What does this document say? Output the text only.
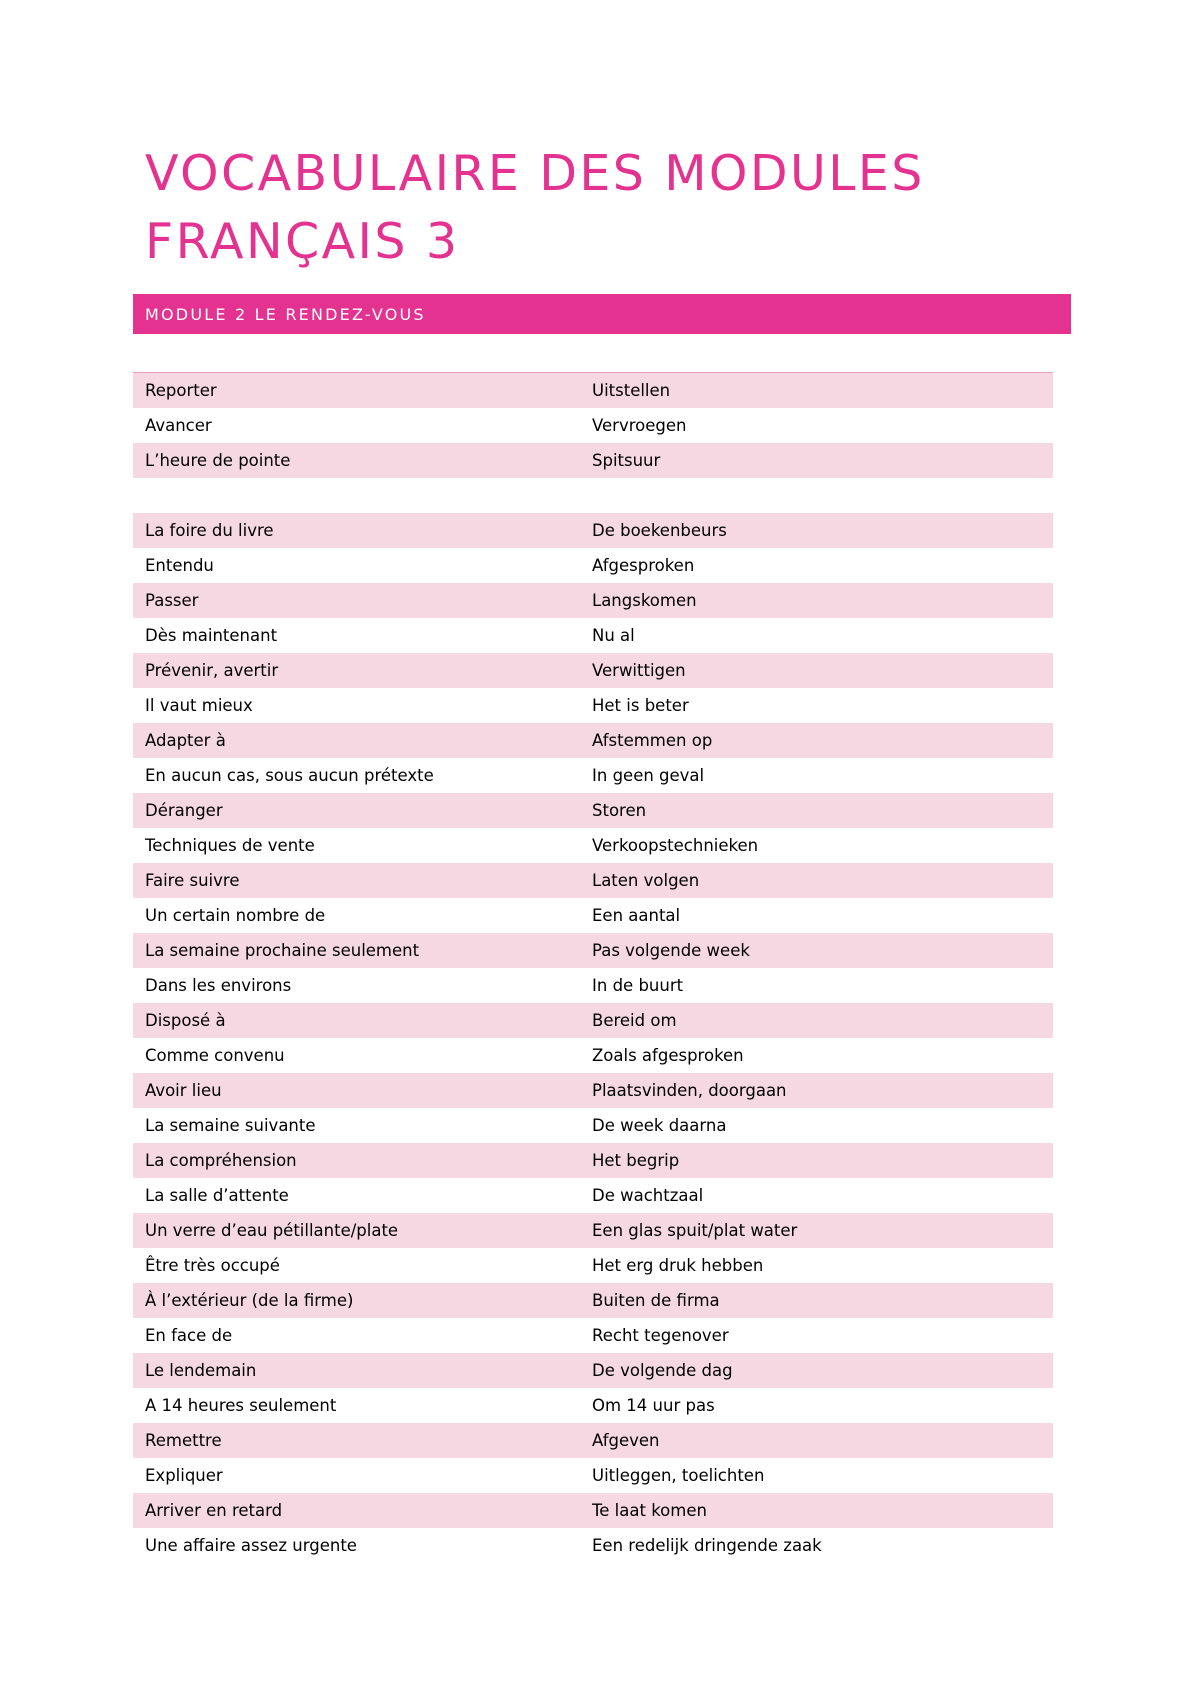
VOCABULAIRE DES MODULES
FRANÇAIS 3
MODULE 2 LE RENDEZ-VOUS
Reporter	Uitstellen
Avancer	Vervroegen
L’heure de pointe	Spitsuur
La foire du livre	De boekenbeurs
Entendu	Afgesproken
Passer	Langskomen
Dès maintenant	Nu al
Prévenir, avertir	Verwittigen
Il vaut mieux	Het is beter
Adapter à	Afstemmen op
En aucun cas, sous aucun prétexte	In geen geval
Déranger	Storen
Techniques de vente	Verkoopstechnieken
Faire suivre	Laten volgen
Un certain nombre de	Een aantal
La semaine prochaine seulement	Pas volgende week
Dans les environs	In de buurt
Disposé à	Bereid om
Comme convenu	Zoals afgesproken
Avoir lieu	Plaatsvinden, doorgaan
La semaine suivante	De week daarna
La compréhension	Het begrip
La salle d’attente	De wachtzaal
Un verre d’eau pétillante/plate	Een glas spuit/plat water
Être très occupé	Het erg druk hebben
À l’extérieur (de la firme)	Buiten de firma
En face de	Recht tegenover
Le lendemain	De volgende dag
A 14 heures seulement	Om 14 uur pas
Remettre	Afgeven
Expliquer	Uitleggen, toelichten
Arriver en retard	Te laat komen
Une affaire assez urgente	Een redelijk dringende zaak
